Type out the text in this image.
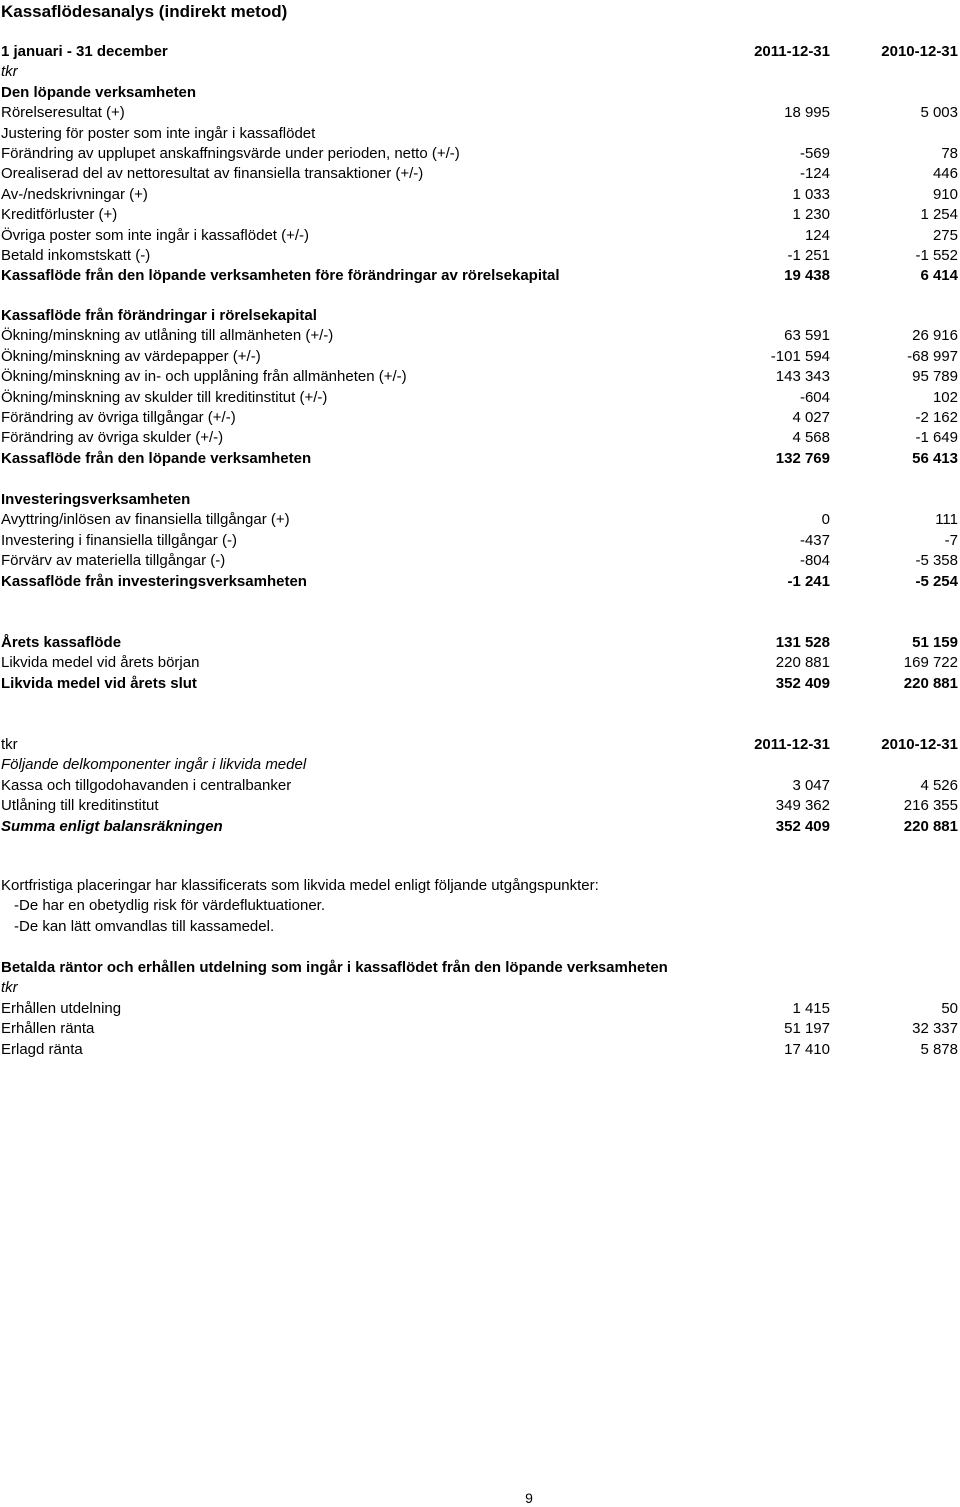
Kassaflödesanalys (indirekt metod)
1 januari - 31 december	2011-12-31	2010-12-31
tkr
Den löpande verksamheten
Rörelseresultat (+)	18 995	5 003
Justering för poster som inte ingår i kassaflödet
Förändring av upplupet anskaffningsvärde under perioden, netto (+/-)	-569	78
Orealiserad del av nettoresultat av finansiella transaktioner (+/-)	-124	446
Av-/nedskrivningar (+)	1 033	910
Kreditförluster (+)	1 230	1 254
Övriga poster som inte ingår i kassaflödet (+/-)	124	275
Betald inkomstskatt (-)	-1 251	-1 552
Kassaflöde från den löpande verksamheten före förändringar av rörelsekapital	19 438	6 414
Kassaflöde från förändringar i rörelsekapital
Ökning/minskning av utlåning till allmänheten (+/-)	63 591	26 916
Ökning/minskning av värdepapper (+/-)	-101 594	-68 997
Ökning/minskning av in- och upplåning från allmänheten (+/-)	143 343	95 789
Ökning/minskning av skulder till kreditinstitut (+/-)	-604	102
Förändring av övriga tillgångar (+/-)	4 027	-2 162
Förändring av övriga skulder (+/-)	4 568	-1 649
Kassaflöde från den löpande verksamheten	132 769	56 413
Investeringsverksamheten
Avyttring/inlösen av finansiella tillgångar (+)	0	111
Investering i finansiella tillgångar (-)	-437	-7
Förvärv av materiella tillgångar (-)	-804	-5 358
Kassaflöde från investeringsverksamheten	-1 241	-5 254
Årets kassaflöde	131 528	51 159
Likvida medel vid årets början	220 881	169 722
Likvida medel vid årets slut	352 409	220 881
tkr	2011-12-31	2010-12-31
Följande delkomponenter ingår i likvida medel
Kassa och tillgodohavanden i centralbanker	3 047	4 526
Utlåning till kreditinstitut	349 362	216 355
Summa enligt balansräkningen	352 409	220 881
Kortfristiga placeringar har klassificerats som likvida medel enligt följande utgångspunkter:
-De har en obetydlig risk för värdefluktuationer.
-De kan lätt omvandlas till kassamedel.
Betalda räntor och erhållen utdelning som ingår i kassaflödet från den löpande verksamheten
tkr
Erhållen utdelning	1 415	50
Erhållen ränta	51 197	32 337
Erlagd ränta	17 410	5 878
9
